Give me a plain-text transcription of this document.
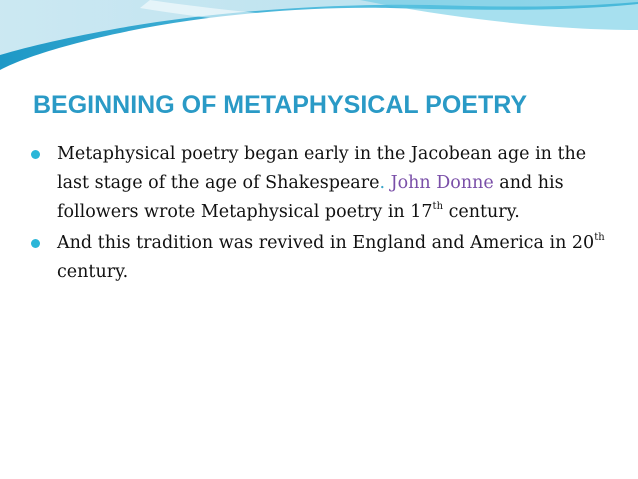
BEGINNING OF METAPHYSICAL POETRY
Metaphysical poetry began early in the Jacobean age in the last stage of the age of Shakespeare. John Donne and his followers wrote Metaphysical poetry in 17th century.
And this tradition was revived in England and America in 20th century.
